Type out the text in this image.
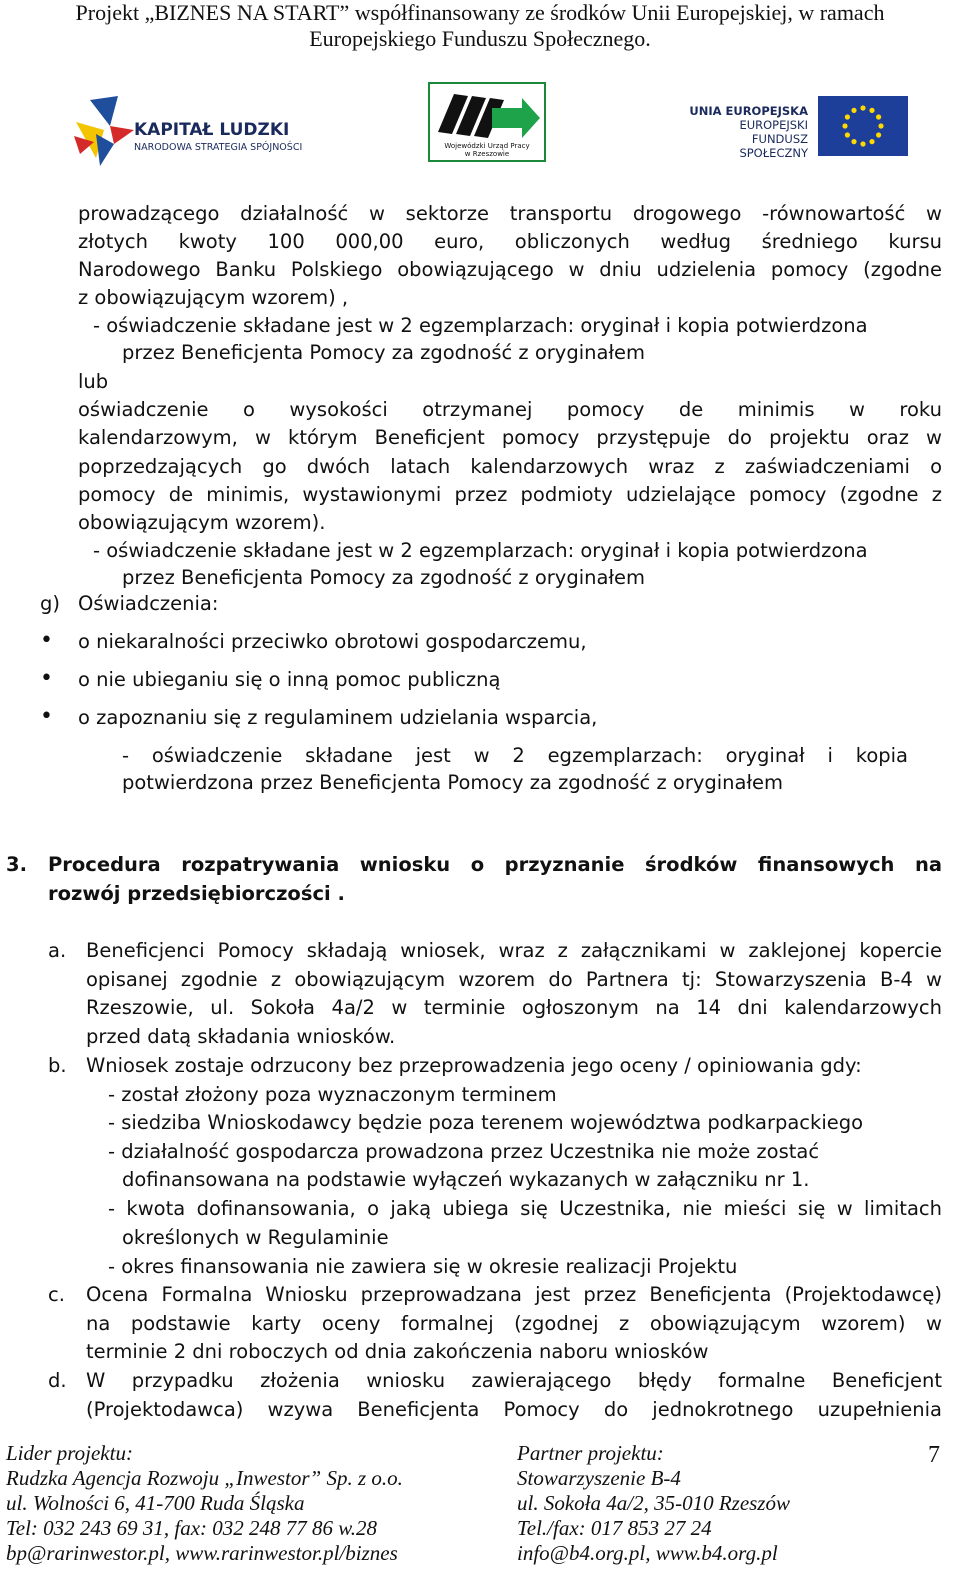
Projekt „BIZNES NA START” współfinansowany ze środków Unii Europejskiej, w ramach
Europejskiego Funduszu Społecznego.
KAPITAŁ LUDZKI
NARODOWA STRATEGIA SPÓJNOŚCI	Wojewódzki Urząd Pracy
w Rzeszowie
UNIA EUROPEJSKA
EUROPEJSKI
FUNDUSZ SPOŁECZNY
prowadzącego działalność w sektorze transportu drogowego -równowartość w
złotych kwoty 100 000,00 euro, obliczonych według średniego kursu
Narodowego Banku Polskiego obowiązującego w dniu udzielenia pomocy (zgodne
z obowiązującym wzorem) ,
- oświadczenie składane jest w 2 egzemplarzach: oryginał i kopia potwierdzona
przez Beneficjenta Pomocy za zgodność z oryginałem
lub
oświadczenie o wysokości otrzymanej pomocy de minimis w roku
kalendarzowym, w którym Beneficjent pomocy przystępuje do projektu oraz w
poprzedzających go dwóch latach kalendarzowych wraz z zaświadczeniami o
pomocy de minimis, wystawionymi przez podmioty udzielające pomocy (zgodne z
obowiązującym wzorem).
- oświadczenie składane jest w 2 egzemplarzach: oryginał i kopia potwierdzona
przez Beneficjenta Pomocy za zgodność z oryginałem
g) Oświadczenia:
• o niekaralności przeciwko obrotowi gospodarczemu,
• o nie ubieganiu się o inną pomoc publiczną
• o zapoznaniu się z regulaminem udzielania wsparcia,
- oświadczenie składane jest w 2 egzemplarzach: oryginał i kopia
potwierdzona przez Beneficjenta Pomocy za zgodność z oryginałem
3. Procedura rozpatrywania wniosku o przyznanie środków finansowych na
rozwój przedsiębiorczości .
a. Beneficjenci Pomocy składają wniosek, wraz z załącznikami w zaklejonej kopercie
opisanej zgodnie z obowiązującym wzorem do Partnera tj: Stowarzyszenia B-4 w
Rzeszowie, ul. Sokoła 4a/2 w terminie ogłoszonym na 14 dni kalendarzowych
przed datą składania wniosków.
b. Wniosek zostaje odrzucony bez przeprowadzenia jego oceny / opiniowania gdy:
- został złożony poza wyznaczonym terminem
- siedziba Wnioskodawcy będzie poza terenem województwa podkarpackiego
- działalność gospodarcza prowadzona przez Uczestnika nie może zostać
dofinansowana na podstawie wyłączeń wykazanych w załączniku nr 1.
- kwota dofinansowania, o jaką ubiega się Uczestnika, nie mieści się w limitach
określonych w Regulaminie
- okres finansowania nie zawiera się w okresie realizacji Projektu
c. Ocena Formalna Wniosku przeprowadzana jest przez Beneficjenta (Projektodawcę)
na podstawie karty oceny formalnej (zgodnej z obowiązującym wzorem) w
terminie 2 dni roboczych od dnia zakończenia naboru wniosków
d. W przypadku złożenia wniosku zawierającego błędy formalne Beneficjent
(Projektodawca) wzywa Beneficjenta Pomocy do jednokrotnego uzupełnienia
Lider projektu:
Rudzka Agencja Rozwoju „Inwestor” Sp. z o.o.
ul. Wolności 6, 41-700 Ruda Śląska
Tel: 032 243 69 31, fax: 032 248 77 86 w.28
bp@rarinwestor.pl, www.rarinwestor.pl/biznes
Partner projektu:
Stowarzyszenie B-4
ul. Sokoła 4a/2, 35-010 Rzeszów
Tel./fax: 017 853 27 24
info@b4.org.pl, www.b4.org.pl
7
